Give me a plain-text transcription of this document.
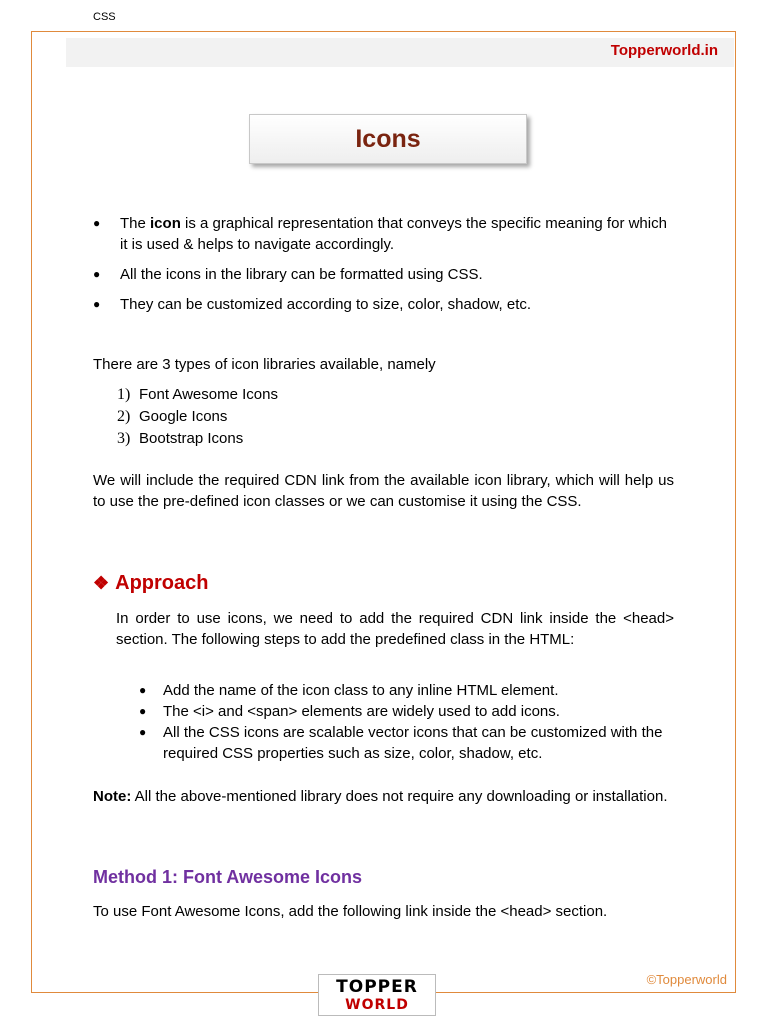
CSS
Topperworld.in
Icons
● The icon is a graphical representation that conveys the specific meaning for which it is used & helps to navigate accordingly.
● All the icons in the library can be formatted using CSS.
● They can be customized according to size, color, shadow, etc.
There are 3 types of icon libraries available, namely
1) Font Awesome Icons
2) Google Icons
3) Bootstrap Icons
We will include the required CDN link from the available icon library, which will help us to use the pre-defined icon classes or we can customise it using the CSS.
❖ Approach
In order to use icons, we need to add the required CDN link inside the <head> section. The following steps to add the predefined class in the HTML:
● Add the name of the icon class to any inline HTML element.
● The <i> and <span> elements are widely used to add icons.
● All the CSS icons are scalable vector icons that can be customized with the required CSS properties such as size, color, shadow, etc.
Note: All the above-mentioned library does not require any downloading or installation.
Method 1: Font Awesome Icons
To use Font Awesome Icons, add the following link inside the <head> section.
©Topperworld
TOPPER
WORLD
